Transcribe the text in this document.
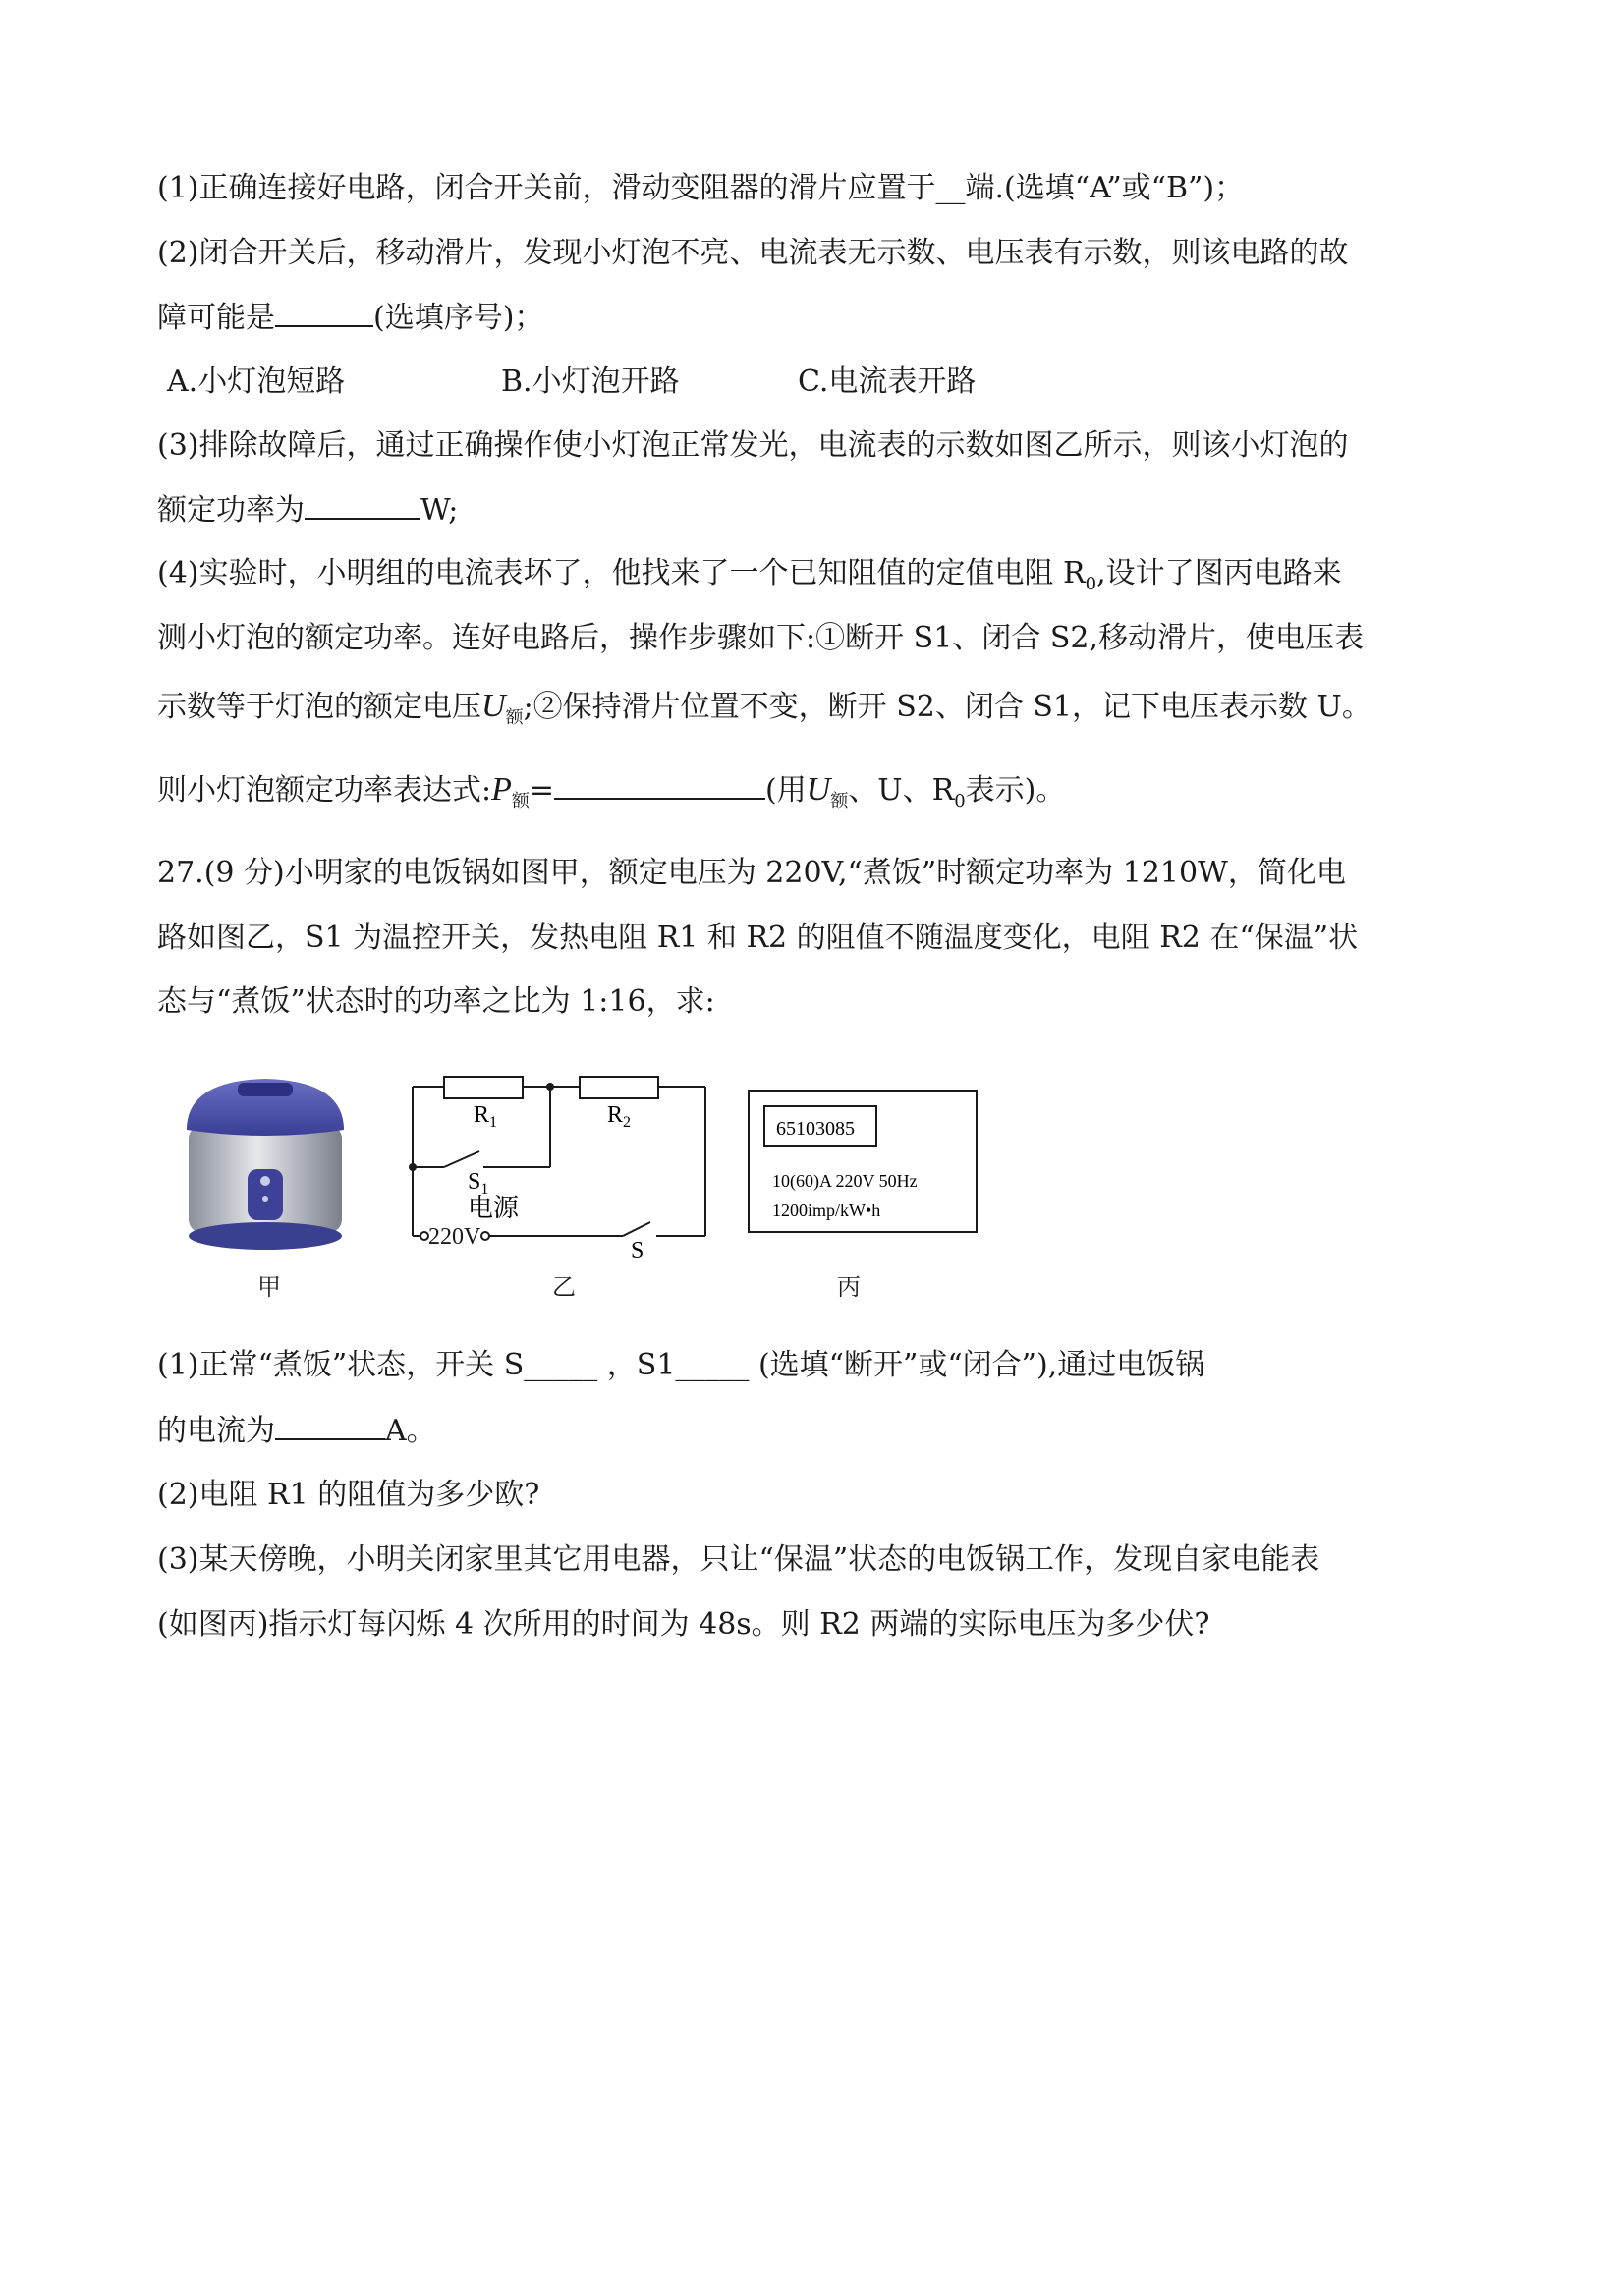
(1)正确连接好电路，闭合开关前，滑动变阻器的滑片应置于__端.(选填“A”或“B”)；
(2)闭合开关后，移动滑片，发现小灯泡不亮、电流表无示数、电压表有示数，则该电路的故
障可能是	(选填序号)；
A.小灯泡短路	B.小灯泡开路	C.电流表开路
(3)排除故障后，通过正确操作使小灯泡正常发光，电流表的示数如图乙所示，则该小灯泡的
额定功率为	W;
(4)实验时，小明组的电流表坏了，他找来了一个已知阻值的定值电阻 $R_0$,设计了图丙电路来
测小灯泡的额定功率。连好电路后，操作步骤如下:①断开 S1、闭合 S2,移动滑片，使电压表
示数等于灯泡的额定电压$U_额;②$保持滑片位置不变，断开 S2、闭合 S1，记下电压表示数 U。
则小灯泡额定功率表达式$:P_额=$	(用$U_额$、U、$R_0$表示)。
27.(9 分)小明家的电饭锅如图甲，额定电压为 220V,“煮饭”时额定功率为 1210W，简化电
路如图乙，S1 为温控开关，发热电阻 R1 和 R2 的阻值不随温度变化，电阻 R2 在“保温”状
态与“煮饭”状态时的功率之比为 1:16，求:
$R_1$	$R_2$
$S_1$
电源
220V
S
65103085
10(60)A 220V 50Hz
1200imp/kW•h
甲	乙	丙
(1)正常“煮饭”状态，开关 S_____ ，S1_____ (选填“断开”或“闭合”),通过电饭锅
的电流为	A。
(2)电阻 R1 的阻值为多少欧?
(3)某天傍晚，小明关闭家里其它用电器，只让“保温”状态的电饭锅工作，发现自家电能表
(如图丙)指示灯每闪烁 4 次所用的时间为 48s。则 R2 两端的实际电压为多少伏?
